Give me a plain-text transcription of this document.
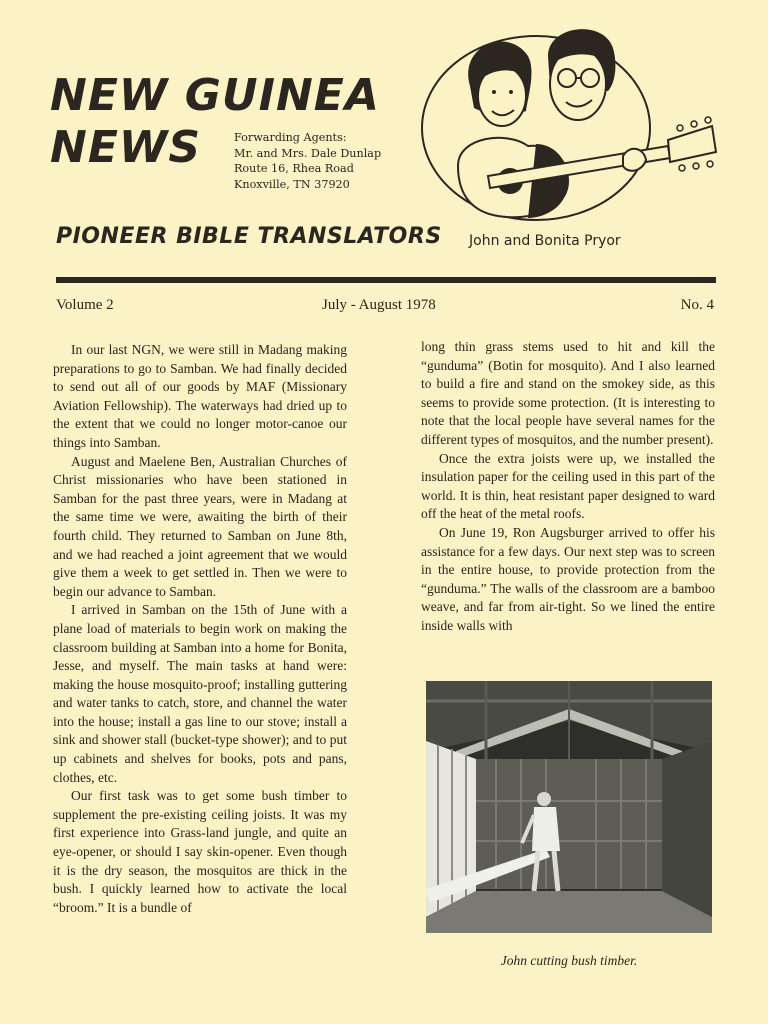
NEW GUINEA
NEWS	Forwarding Agents:
Mr. and Mrs. Dale Dunlap
Route 16, Rhea Road
Knoxville, TN 37920
PIONEER BIBLE TRANSLATORS John and Bonita Pryor
Volume 2	July - August 1978	No. 4

In our last NGN, we were still in Madang making preparations to go to Samban. We had finally decided to send out all of our goods by MAF (Missionary Aviation Fellowship). The waterways had dried up to the extent that we could no longer motor-canoe our things into Samban.

August and Maelene Ben, Australian Churches of Christ missionaries who have been stationed in Samban for the past three years, were in Madang at the same time we were, awaiting the birth of their fourth child. They returned to Samban on June 8th, and we had reached a joint agreement that we would give them a week to get settled in. Then we were to begin our advance to Samban.

I arrived in Samban on the 15th of June with a plane load of materials to begin work on making the classroom building at Samban into a home for Bonita, Jesse, and myself. The main tasks at hand were: making the house mosquito-proof; installing guttering and water tanks to catch, store, and channel the water into the house; install a gas line to our stove; install a sink and shower stall (bucket-type shower); and to put up cabinets and shelves for books, pots and pans, clothes, etc.

Our first task was to get some bush timber to supplement the pre-existing ceiling joists. It was my first experience into Grass-land jungle, and quite an eye-opener, or should I say skin-opener. Even though it is the dry season, the mosquitos are thick in the bush. I quickly learned how to activate the local “broom.” It is a bundle of

long thin grass stems used to hit and kill the “gunduma” (Botin for mosquito). And I also learned to build a fire and stand on the smokey side, as this seems to provide some protection. (It is interesting to note that the local people have several names for the different types of mosquitos, and the number present).

Once the extra joists were up, we installed the insulation paper for the ceiling used in this part of the world. It is thin, heat resistant paper designed to ward off the heat of the metal roofs.

On June 19, Ron Augsburger arrived to offer his assistance for a few days. Our next step was to screen in the entire house, to provide protection from the “gunduma.” The walls of the classroom are a bamboo weave, and far from air-tight. So we lined the entire inside walls with

John cutting bush timber.
